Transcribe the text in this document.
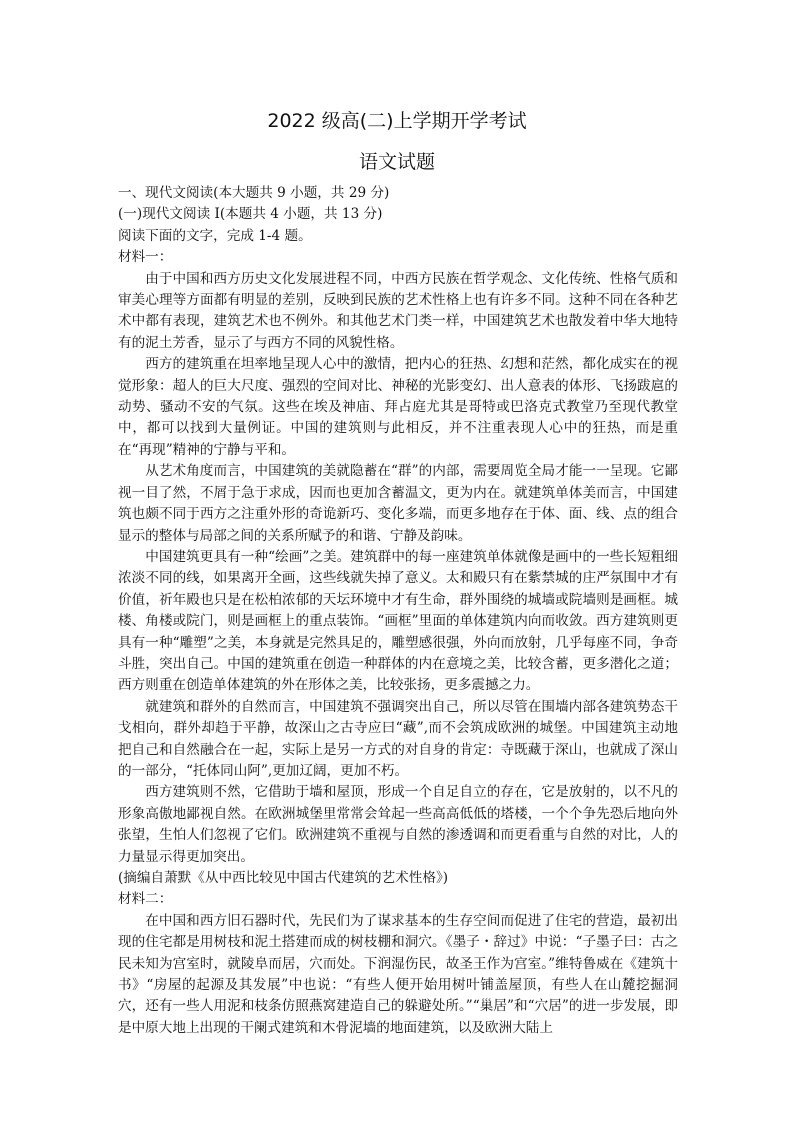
2022 级高(二)上学期开学考试
语文试题

一、现代文阅读(本大题共 9 小题，共 29 分)

(一)现代文阅读 I(本题共 4 小题，共 13 分)

阅读下面的文字，完成 1-4 题。

材料一：

由于中国和西方历史文化发展进程不同，中西方民族在哲学观念、文化传统、性格气质和审美心理等方面都有明显的差别，反映到民族的艺术性格上也有许多不同。这种不同在各种艺术中都有表现，建筑艺术也不例外。和其他艺术门类一样，中国建筑艺术也散发着中华大地特有的泥土芳香，显示了与西方不同的风貌性格。

西方的建筑重在坦率地呈现人心中的激情，把内心的狂热、幻想和茫然，都化成实在的视觉形象：超人的巨大尺度、强烈的空间对比、神秘的光影变幻、出人意表的体形、飞扬跋扈的动势、骚动不安的气氛。这些在埃及神庙、拜占庭尤其是哥特或巴洛克式教堂乃至现代教堂中，都可以找到大量例证。中国的建筑则与此相反，并不注重表现人心中的狂热，而是重在“再现”精神的宁静与平和。

从艺术角度而言，中国建筑的美就隐蓄在“群”的内部，需要周览全局才能一一呈现。它鄙视一目了然，不屑于急于求成，因而也更加含蓄温文，更为内在。就建筑单体美而言，中国建筑也颇不同于西方之注重外形的奇诡新巧、变化多端，而更多地存在于体、面、线、点的组合显示的整体与局部之间的关系所赋予的和谐、宁静及韵味。

中国建筑更具有一种“绘画”之美。建筑群中的每一座建筑单体就像是画中的一些长短粗细浓淡不同的线，如果离开全画，这些线就失掉了意义。太和殿只有在紫禁城的庄严氛围中才有价值，祈年殿也只是在松柏浓郁的天坛环境中才有生命，群外围绕的城墙或院墙则是画框。城楼、角楼或院门，则是画框上的重点装饰。“画框”里面的单体建筑内向而收敛。西方建筑则更具有一种“雕塑”之美，本身就是完然具足的，雕塑感很强，外向而放射，几乎每座不同，争奇斗胜，突出自己。中国的建筑重在创造一种群体的内在意境之美，比较含蓄，更多潜化之道；西方则重在创造单体建筑的外在形体之美，比较张扬，更多震撼之力。

就建筑和群外的自然而言，中国建筑不强调突出自己，所以尽管在围墙内部各建筑势态干戈相向，群外却趋于平静，故深山之古寺应曰“藏”,而不会筑成欧洲的城堡。中国建筑主动地把自己和自然融合在一起，实际上是另一方式的对自身的肯定：寺既藏于深山，也就成了深山的一部分，“托体同山阿”,更加辽阔，更加不朽。

西方建筑则不然，它借助于墙和屋顶，形成一个自足自立的存在，它是放射的，以不凡的形象高傲地鄙视自然。在欧洲城堡里常常会耸起一些高高低低的塔楼，一个个争先恐后地向外张望，生怕人们忽视了它们。欧洲建筑不重视与自然的渗透调和而更看重与自然的对比，人的力量显示得更加突出。

(摘编自萧默《从中西比较见中国古代建筑的艺术性格》)

材料二：

在中国和西方旧石器时代，先民们为了谋求基本的生存空间而促进了住宅的营造，最初出现的住宅都是用树枝和泥土搭建而成的树枝棚和洞穴。《墨子・辞过》中说：“子墨子曰：古之民未知为宫室时，就陵阜而居，穴而处。下润湿伤民，故圣王作为宫室。”维特鲁威在《建筑十书》“房屋的起源及其发展”中也说：“有些人便开始用树叶铺盖屋顶，有些人在山麓挖掘洞穴，还有一些人用泥和枝条仿照燕窝建造自己的躲避处所。”“巢居”和“穴居”的进一步发展，即是中原大地上出现的干阑式建筑和木骨泥墙的地面建筑，以及欧洲大陆上
